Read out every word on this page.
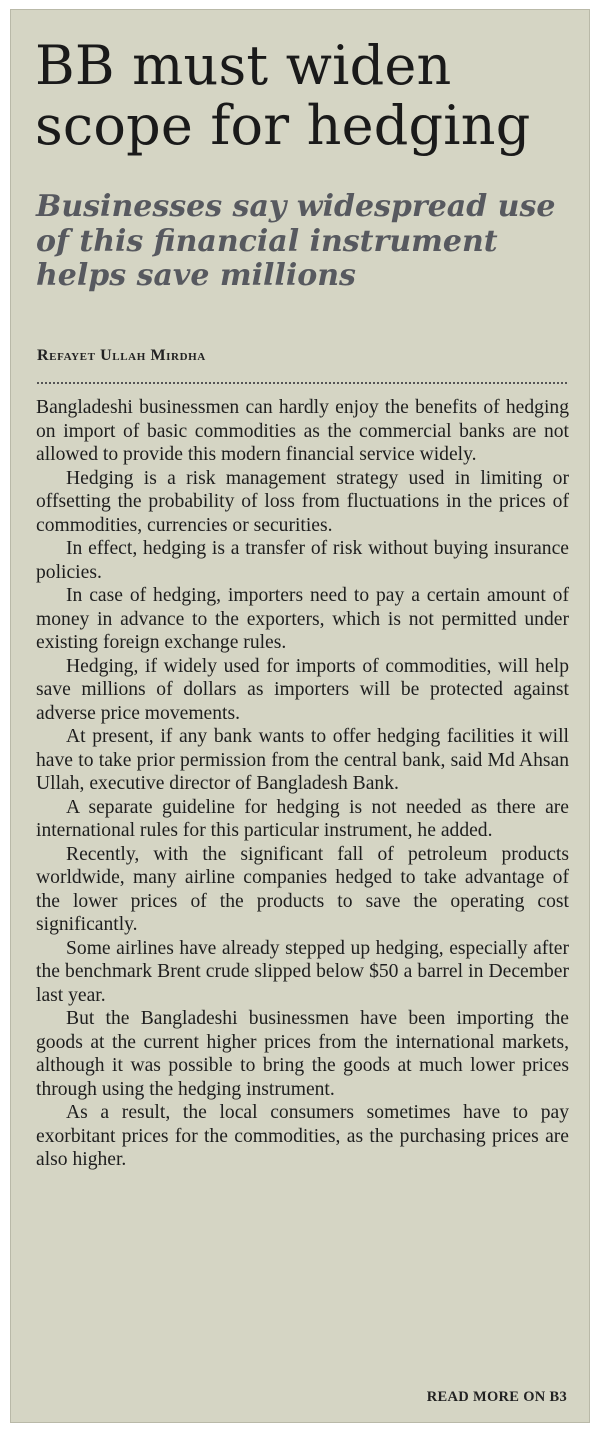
BB must widen
scope for hedging
Businesses say widespread use
of this financial instrument
helps save millions
Refayet Ullah Mirdha

Bangladeshi businessmen can hardly enjoy the benefits of hedging on import of basic commodities as the commercial banks are not allowed to provide this modern financial service widely.

Hedging is a risk management strategy used in limiting or offsetting the probability of loss from fluctuations in the prices of commodities, currencies or securities.

In effect, hedging is a transfer of risk without buying insurance policies.

In case of hedging, importers need to pay a certain amount of money in advance to the exporters, which is not permitted under existing foreign exchange rules.

Hedging, if widely used for imports of commodities, will help save millions of dollars as importers will be protected against adverse price movements.

At present, if any bank wants to offer hedging facilities it will have to take prior permission from the central bank, said Md Ahsan Ullah, executive director of Bangladesh Bank.

A separate guideline for hedging is not needed as there are international rules for this particular instrument, he added.

Recently, with the significant fall of petroleum products worldwide, many airline companies hedged to take advantage of the lower prices of the products to save the operating cost significantly.

Some airlines have already stepped up hedging, especially after the benchmark Brent crude slipped below $50 a barrel in December last year.

But the Bangladeshi businessmen have been importing the goods at the current higher prices from the international markets, although it was possible to bring the goods at much lower prices through using the hedging instrument.

As a result, the local consumers sometimes have to pay exorbitant prices for the commodities, as the purchasing prices are also higher.

READ MORE ON B3
